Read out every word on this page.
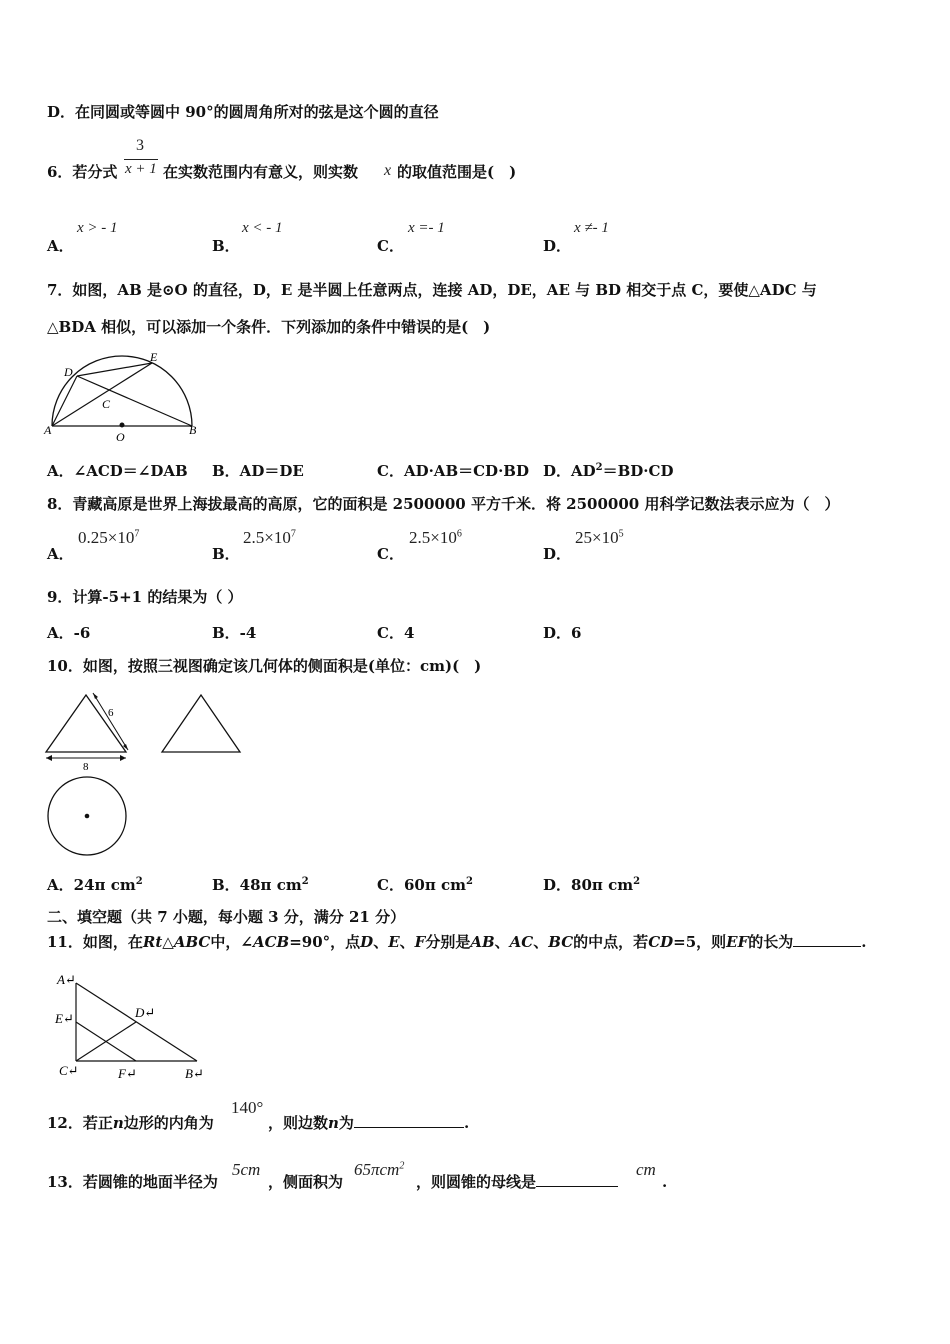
D．在同圆或等圆中 90°的圆周角所对的弦是这个圆的直径
6．若分式
3
x + 1 在实数范围内有意义，则实数 x 的取值范围是(　)
A．
x > - 1
B．
x < - 1
C．
x =- 1
D．
x ≠- 1
7．如图，AB 是⊙O 的直径，D，E 是半圆上任意两点，连接 AD，DE，AE 与 BD 相交于点 C，要使△ADC 与
△BDA 相似，可以添加一个条件．下列添加的条件中错误的是(　)
D
E
C
A	O	B
A．∠ACD＝∠DAB B．AD＝DE	C．AD·AB＝CD·BD D．$AD^2=BD\cdot CD$
8．青藏高原是世界上海拔最高的高原，它的面积是 2500000 平方千米．将 2500000 用科学记数法表示应为（　）
A．
$0.25\times 10^7$
B．
$2.5\times 10^7$
C．
$2.5\times 10^6$
D．
$25\times 10^5$
9．计算-5+1 的结果为（ ）
A．-6	B．-4	C．4	D．6
10．如图，按照三视图确定该几何体的侧面积是(单位：cm)(　)
6
8
A．24π $cm^2$	B．48π $cm^2$	C．60π $cm^2$	D．80π $cm^2$
二、填空题（共 7 小题，每小题 3 分，满分 21 分）
11．如图，在Rt△ABC中，∠ACB=90°，点D、E、F分别是AB、AC、BC的中点，若CD=5，则EF的长为	.
A↵
E↵
C↵
D↵
F↵	B↵
12．若正n边形的内角为
140°
，则边数n为	.
13．若圆锥的地面半径为
5cm
，侧面积为
65πcm$^2$
，则圆锥的母线是
cm
.
